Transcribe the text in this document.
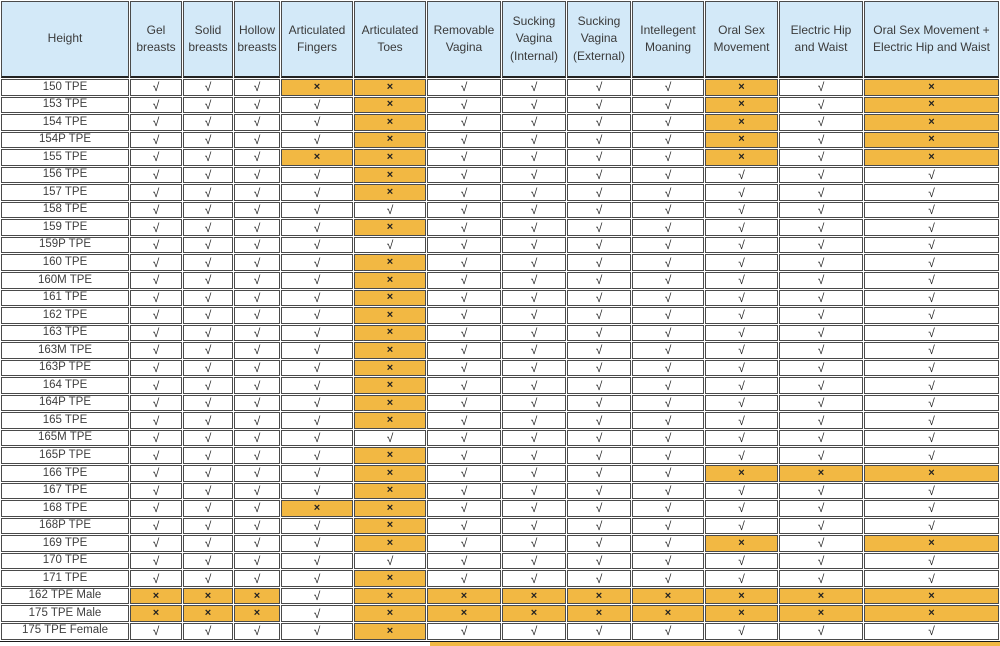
Height	Gel breasts	Solid breasts	Hollow breasts	Articulated Fingers	Articulated Toes	Removable Vagina	Sucking Vagina (Internal)	Sucking Vagina (External)	Intellegent Moaning	Oral Sex Movement	Electric Hip and Waist	Oral Sex Movement + Electric Hip and Waist
150 TPE	√	√	√	×	×	√	√	√	√	×	√	×
153 TPE	√	√	√	√	×	√	√	√	√	×	√	×
154 TPE	√	√	√	√	×	√	√	√	√	×	√	×
154P TPE	√	√	√	√	×	√	√	√	√	×	√	×
155 TPE	√	√	√	×	×	√	√	√	√	×	√	×
156 TPE	√	√	√	√	×	√	√	√	√	√	√	√
157 TPE	√	√	√	√	×	√	√	√	√	√	√	√
158 TPE	√	√	√	√	√	√	√	√	√	√	√	√
159 TPE	√	√	√	√	×	√	√	√	√	√	√	√
159P TPE	√	√	√	√	√	√	√	√	√	√	√	√
160 TPE	√	√	√	√	×	√	√	√	√	√	√	√
160M TPE	√	√	√	√	×	√	√	√	√	√	√	√
161 TPE	√	√	√	√	×	√	√	√	√	√	√	√
162 TPE	√	√	√	√	×	√	√	√	√	√	√	√
163 TPE	√	√	√	√	×	√	√	√	√	√	√	√
163M TPE	√	√	√	√	×	√	√	√	√	√	√	√
163P TPE	√	√	√	√	×	√	√	√	√	√	√	√
164 TPE	√	√	√	√	×	√	√	√	√	√	√	√
164P TPE	√	√	√	√	×	√	√	√	√	√	√	√
165 TPE	√	√	√	√	×	√	√	√	√	√	√	√
165M TPE	√	√	√	√	√	√	√	√	√	√	√	√
165P TPE	√	√	√	√	×	√	√	√	√	√	√	√
166 TPE	√	√	√	√	×	√	√	√	√	×	×	×
167 TPE	√	√	√	√	×	√	√	√	√	√	√	√
168 TPE	√	√	√	×	×	√	√	√	√	√	√	√
168P TPE	√	√	√	√	×	√	√	√	√	√	√	√
169 TPE	√	√	√	√	×	√	√	√	√	×	√	×
170 TPE	√	√	√	√	√	√	√	√	√	√	√	√
171 TPE	√	√	√	√	×	√	√	√	√	√	√	√
162 TPE Male	×	×	×	√	×	×	×	×	×	×	×	×
175 TPE Male	×	×	×	√	×	×	×	×	×	×	×	×
175 TPE Female	√	√	√	√	×	√	√	√	√	√	√	√
